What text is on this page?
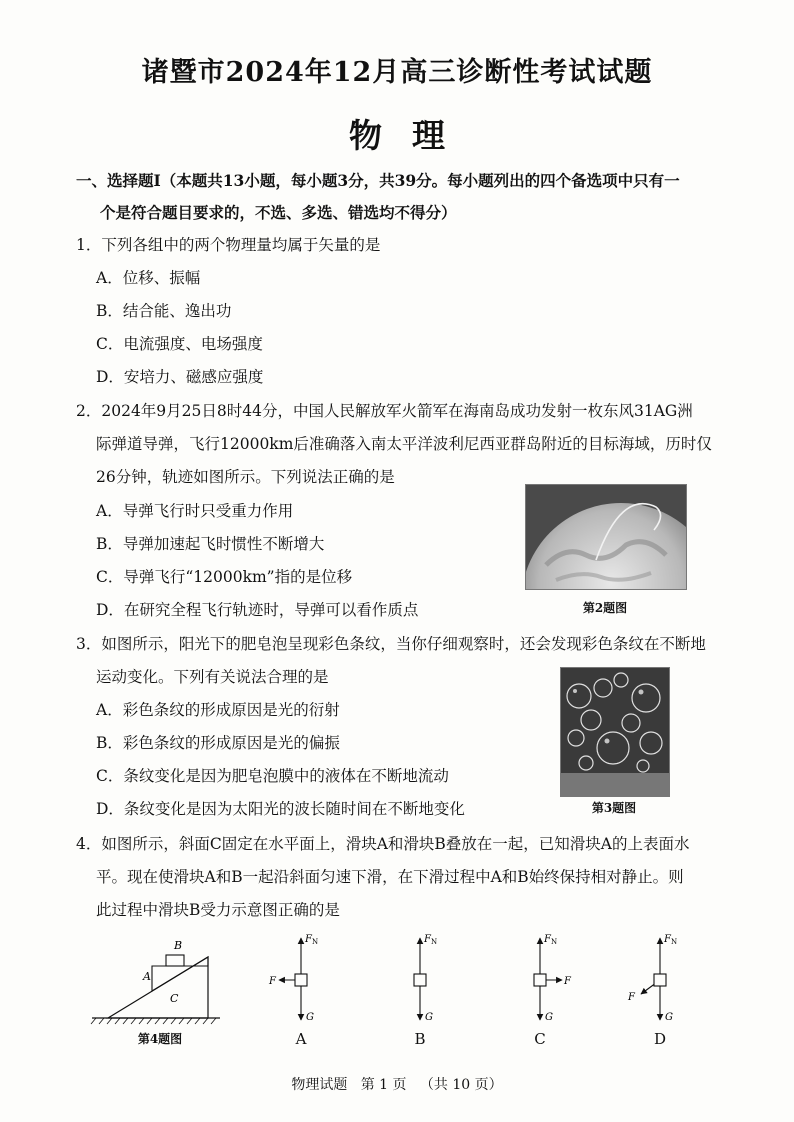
诸暨市2024年12月高三诊断性考试试题
物理
一、选择题Ⅰ（本题共13小题，每小题3分，共39分。每小题列出的四个备选项中只有一
个是符合题目要求的，不选、多选、错选均不得分）
1．下列各组中的两个物理量均属于矢量的是
A．位移、振幅
B．结合能、逸出功
C．电流强度、电场强度
D．安培力、磁感应强度
2．2024年9月25日8时44分，中国人民解放军火箭军在海南岛成功发射一枚东风31AG洲
际弹道导弹，飞行12000km后准确落入南太平洋波利尼西亚群岛附近的目标海域，历时仅
26分钟，轨迹如图所示。下列说法正确的是
A．导弹飞行时只受重力作用
B．导弹加速起飞时惯性不断增大
C．导弹飞行“12000km”指的是位移
D．在研究全程飞行轨迹时，导弹可以看作质点	第2题图
3．如图所示，阳光下的肥皂泡呈现彩色条纹，当你仔细观察时，还会发现彩色条纹在不断地
运动变化。下列有关说法合理的是
A．彩色条纹的形成原因是光的衍射
B．彩色条纹的形成原因是光的偏振
C．条纹变化是因为肥皂泡膜中的液体在不断地流动
D．条纹变化是因为太阳光的波长随时间在不断地变化	第3题图
4．如图所示，斜面C固定在水平面上，滑块A和滑块B叠放在一起，已知滑块A的上表面水
平。现在使滑块A和B一起沿斜面匀速下滑，在下滑过程中A和B始终保持相对静止。则
此过程中滑块B受力示意图正确的是
B
A
C
第4题图
$F_N$
F
G
A
$F_N$
G
B
$F_N$
F
G
C
$F_N$
F
G
D
物理试题   第 1 页   （共 10 页）
